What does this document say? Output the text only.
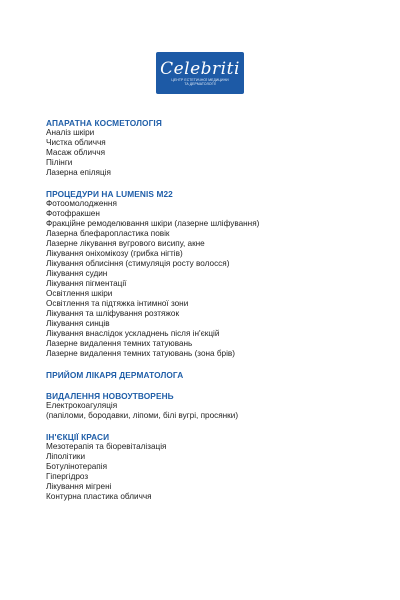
Celebriti
ЦЕНТР ЕСТЕТИЧНОЇ МЕДИЦИНИ ТА ДЕРМАТОЛОГІЇ
АПАРАТНА КОСМЕТОЛОГІЯ
Аналіз шкіри
Чистка обличчя
Масаж обличчя
Пілінги
Лазерна епіляція
ПРОЦЕДУРИ НА LUMENIS M22
Фотоомолодження
Фотофракшен
Фракційне ремоделювання шкіри (лазерне шліфування)
Лазерна блефаропластика повік
Лазерне лікування вугрового висипу, акне
Лікування оніхомікозу (грибка нігтів)
Лікування облисіння (стимуляція росту волосся)
Лікування судин
Лікування пігментації
Освітлення шкіри
Освітлення та підтяжка інтимної зони
Лікування та шліфування розтяжок
Лікування синців
Лікування внаслідок ускладнень після ін'єкцій
Лазерне видалення темних татуювань
Лазерне видалення темних татуювань (зона брів)
ПРИЙОМ ЛІКАРЯ ДЕРМАТОЛОГА
ВИДАЛЕННЯ НОВОУТВОРЕНЬ
Електрокоагуляція
(папіломи, бородавки, ліпоми, білі вугрі, просянки)
ІН'ЄКЦІЇ КРАСИ
Мезотерапія та біоревіталізація
Ліполітики
Ботулінотерапія
Гіпергідроз
Лікування мігрені
Контурна пластика обличчя
